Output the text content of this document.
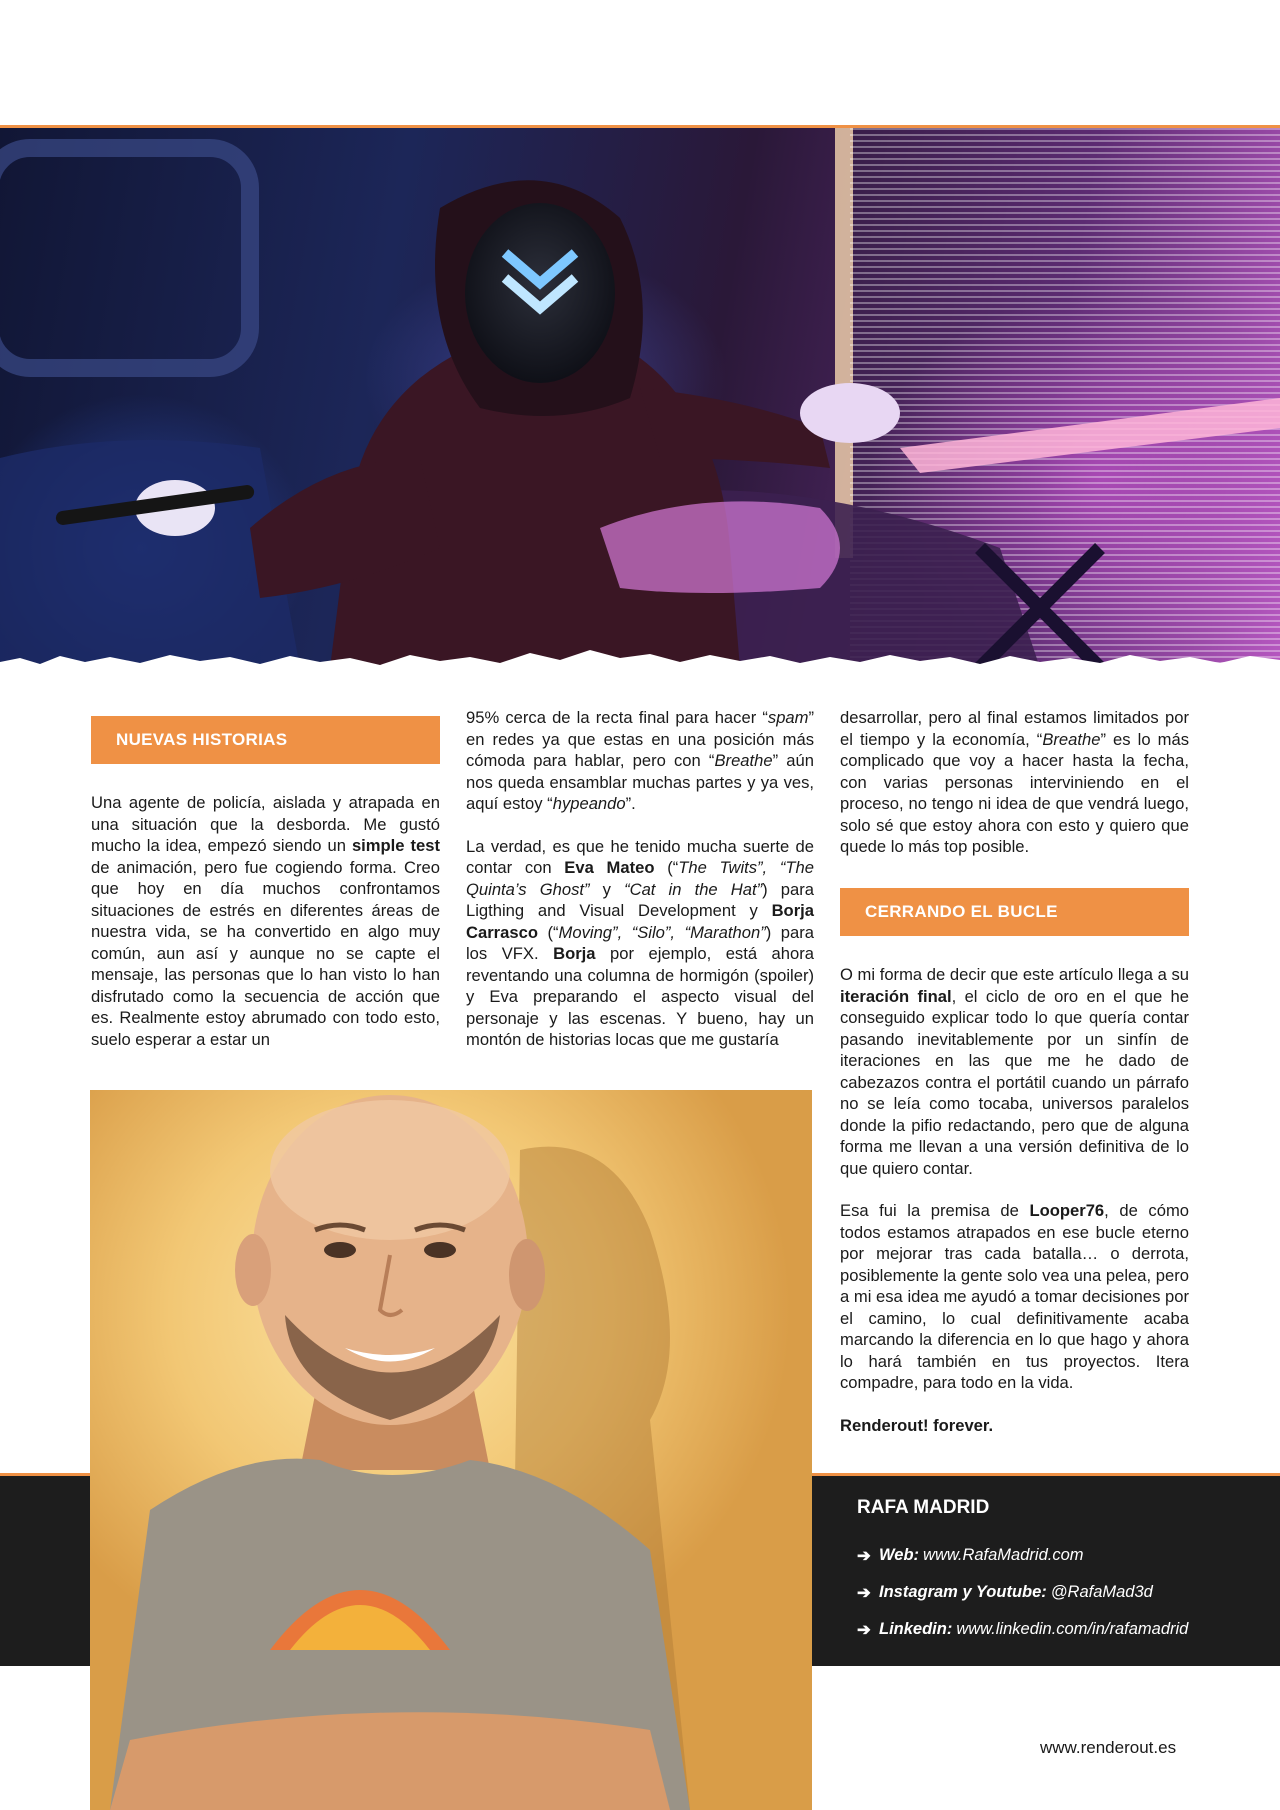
NUEVAS HISTORIAS

Una agente de policía, aislada y atrapada en una situación que la desborda. Me gustó mucho la idea, empezó siendo un simple test de animación, pero fue cogiendo forma. Creo que hoy en día muchos confrontamos situaciones de estrés en diferentes áreas de nuestra vida, se ha convertido en algo muy común, aun así y aunque no se capte el mensaje, las personas que lo han visto lo han disfrutado como la secuencia de acción que es. Realmente estoy abrumado con todo esto, suelo esperar a estar un

95% cerca de la recta final para hacer “spam” en redes ya que estas en una posición más cómoda para hablar, pero con “Breathe” aún nos queda ensamblar muchas partes y ya ves, aquí estoy “hypeando”.

La verdad, es que he tenido mucha suerte de contar con Eva Mateo (“The Twits”, “The Quinta’s Ghost” y “Cat in the Hat”) para Ligthing and Visual Development y Borja Carrasco (“Moving”, “Silo”, “Marathon”) para los VFX. Borja por ejemplo, está ahora reventando una columna de hormigón (spoiler) y Eva preparando el aspecto visual del personaje y las escenas. Y bueno, hay un montón de historias locas que me gustaría

desarrollar, pero al final estamos limitados por el tiempo y la economía, “Breathe” es lo más complicado que voy a hacer hasta la fecha, con varias personas interviniendo en el proceso, no tengo ni idea de que vendrá luego, solo sé que estoy ahora con esto y quiero que quede lo más top posible.

CERRANDO EL BUCLE

O mi forma de decir que este artículo llega a su iteración final, el ciclo de oro en el que he conseguido explicar todo lo que quería contar pasando inevitablemente por un sinfín de iteraciones en las que me he dado de cabezazos contra el portátil cuando un párrafo no se leía como tocaba, universos paralelos donde la pifio redactando, pero que de alguna forma me llevan a una versión definitiva de lo que quiero contar.

Esa fui la premisa de Looper76, de cómo todos estamos atrapados en ese bucle eterno por mejorar tras cada batalla… o derrota, posiblemente la gente solo vea una pelea, pero a mi esa idea me ayudó a tomar decisiones por el camino, lo cual definitivamente acaba marcando la diferencia en lo que hago y ahora lo hará también en tus proyectos. Itera compadre, para todo en la vida.

Renderout! forever.

RAFA MADRID
➔ Web: www.RafaMadrid.com
➔ Instagram y Youtube: @RafaMad3d
➔ Linkedin: www.linkedin.com/in/rafamadrid
www.renderout.es
